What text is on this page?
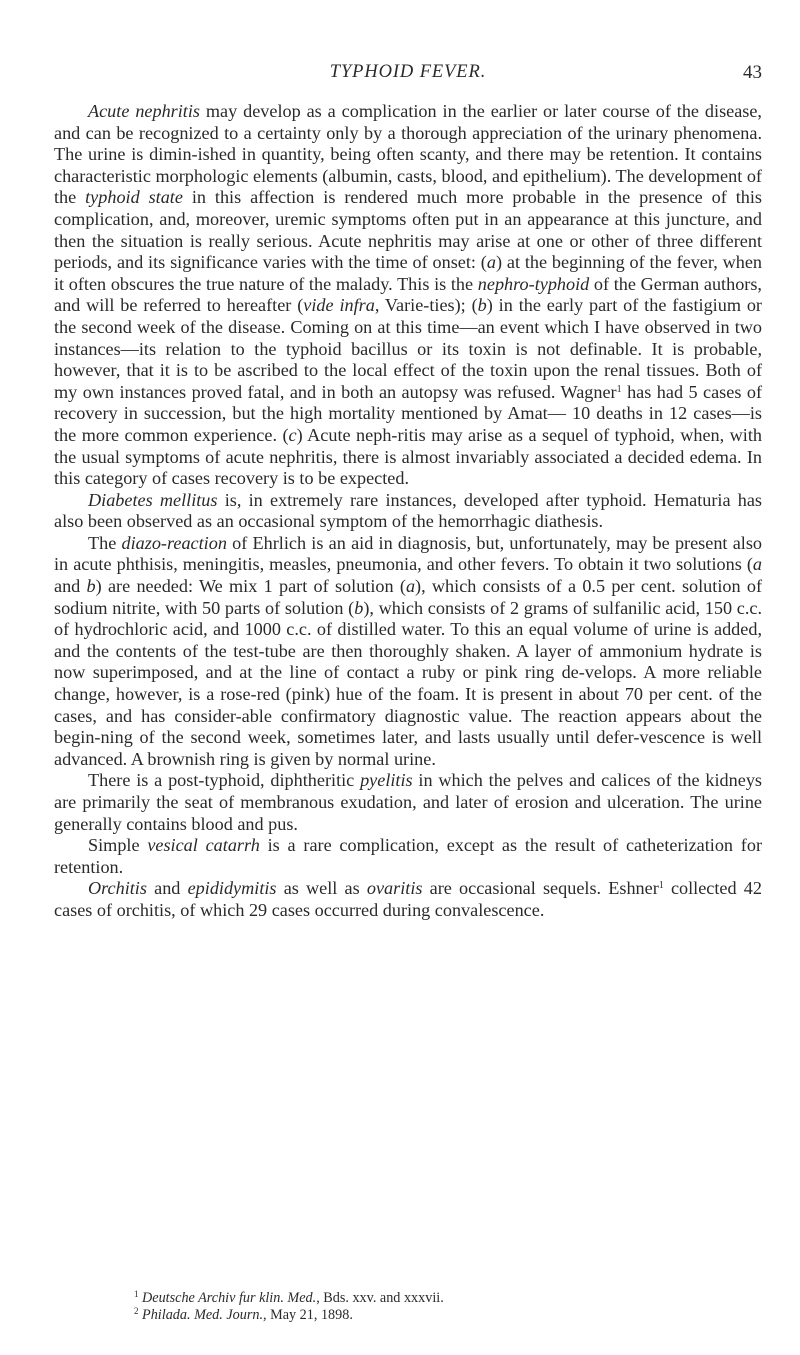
TYPHOID FEVER.	43

Acute nephritis may develop as a complication in the earlier or later course of the disease, and can be recognized to a certainty only by a thorough appreciation of the urinary phenomena. The urine is dimin-ished in quantity, being often scanty, and there may be retention. It contains characteristic morphologic elements (albumin, casts, blood, and epithelium). The development of the typhoid state in this affection is rendered much more probable in the presence of this complication, and, moreover, uremic symptoms often put in an appearance at this juncture, and then the situation is really serious. Acute nephritis may arise at one or other of three different periods, and its significance varies with the time of onset: (a) at the beginning of the fever, when it often obscures the true nature of the malady. This is the nephro-typhoid of the German authors, and will be referred to hereafter (vide infra, Varie-ties); (b) in the early part of the fastigium or the second week of the disease. Coming on at this time—an event which I have observed in two instances—its relation to the typhoid bacillus or its toxin is not definable. It is probable, however, that it is to be ascribed to the local effect of the toxin upon the renal tissues. Both of my own instances proved fatal, and in both an autopsy was refused. Wagner$^1$ has had 5 cases of recovery in succession, but the high mortality mentioned by Amat— 10 deaths in 12 cases—is the more common experience. (c) Acute neph-ritis may arise as a sequel of typhoid, when, with the usual symptoms of acute nephritis, there is almost invariably associated a decided edema. In this category of cases recovery is to be expected.

Diabetes mellitus is, in extremely rare instances, developed after typhoid. Hematuria has also been observed as an occasional symptom of the hemorrhagic diathesis.

The diazo-reaction of Ehrlich is an aid in diagnosis, but, unfortunately, may be present also in acute phthisis, meningitis, measles, pneumonia, and other fevers. To obtain it two solutions (a and b) are needed: We mix 1 part of solution (a), which consists of a 0.5 per cent. solution of sodium nitrite, with 50 parts of solution (b), which consists of 2 grams of sulfanilic acid, 150 c.c. of hydrochloric acid, and 1000 c.c. of distilled water. To this an equal volume of urine is added, and the contents of the test-tube are then thoroughly shaken. A layer of ammonium hydrate is now superimposed, and at the line of contact a ruby or pink ring de-velops. A more reliable change, however, is a rose-red (pink) hue of the foam. It is present in about 70 per cent. of the cases, and has consider-able confirmatory diagnostic value. The reaction appears about the begin-ning of the second week, sometimes later, and lasts usually until defer-vescence is well advanced. A brownish ring is given by normal urine.

There is a post-typhoid, diphtheritic pyelitis in which the pelves and calices of the kidneys are primarily the seat of membranous exudation, and later of erosion and ulceration. The urine generally contains blood and pus.

Simple vesical catarrh is a rare complication, except as the result of catheterization for retention.

Orchitis and epididymitis as well as ovaritis are occasional sequels. Eshner$^1$ collected 42 cases of orchitis, of which 29 cases occurred during convalescence.

$^1$ Deutsche Archiv fur klin. Med., Bds. xxv. and xxxvii.

$^2$ Philada. Med. Journ., May 21, 1898.
